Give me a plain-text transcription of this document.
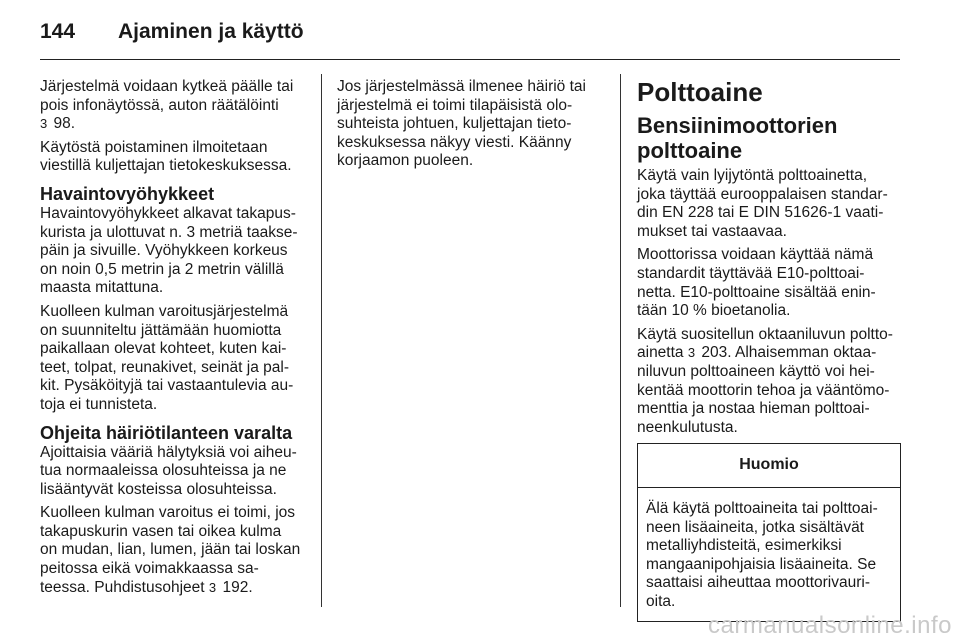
144	Ajaminen ja käyttö

Järjestelmä voidaan kytkeä päälle tai
pois infonäytössä, auton räätälöinti
3 98.

Käytöstä poistaminen ilmoitetaan
viestillä kuljettajan tietokeskuksessa.

Havaintovyöhykkeet

Havaintovyöhykkeet alkavat takapus-
kurista ja ulottuvat n. 3 metriä taakse-
päin ja sivuille. Vyöhykkeen korkeus
on noin 0,5 metrin ja 2 metrin välillä
maasta mitattuna.

Kuolleen kulman varoitusjärjestelmä
on suunniteltu jättämään huomiotta
paikallaan olevat kohteet, kuten kai-
teet, tolpat, reunakivet, seinät ja pal-
kit. Pysäköityjä tai vastaantulevia au-
toja ei tunnisteta.

Ohjeita häiriötilanteen varalta

Ajoittaisia vääriä hälytyksiä voi aiheu-
tua normaaleissa olosuhteissa ja ne
lisääntyvät kosteissa olosuhteissa.

Kuolleen kulman varoitus ei toimi, jos
takapuskurin vasen tai oikea kulma
on mudan, lian, lumen, jään tai loskan
peitossa eikä voimakkaassa sa-
teessa. Puhdistusohjeet 3 192.

Jos järjestelmässä ilmenee häiriö tai
järjestelmä ei toimi tilapäisistä olo-
suhteista johtuen, kuljettajan tieto-
keskuksessa näkyy viesti. Käänny
korjaamon puoleen.

Polttoaine
Bensiinimoottorien
polttoaine

Käytä vain lyijytöntä polttoainetta,
joka täyttää eurooppalaisen standar-
din EN 228 tai E DIN 51626-1 vaati-
mukset tai vastaavaa.

Moottorissa voidaan käyttää nämä
standardit täyttävää E10-polttoai-
netta. E10-polttoaine sisältää enin-
tään 10 % bioetanolia.

Käytä suositellun oktaaniluvun poltto-
ainetta 3 203. Alhaisemman oktaa-
niluvun polttoaineen käyttö voi hei-
kentää moottorin tehoa ja vääntömo-
menttia ja nostaa hieman polttoai-
neenkulutusta.

Huomio
Älä käytä polttoaineita tai polttoai-
neen lisäaineita, jotka sisältävät
metalliyhdisteitä, esimerkiksi
mangaanipohjaisia lisäaineita. Se
saattaisi aiheuttaa moottorivauri-
oita.
carmanualsonline.info
